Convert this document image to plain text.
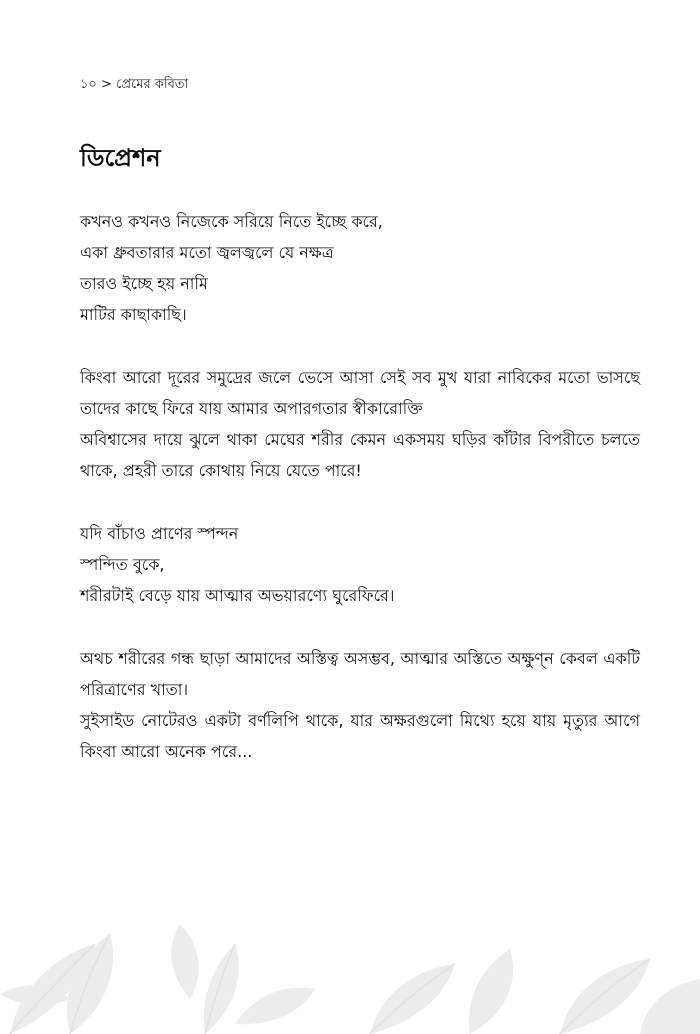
১০ > প্রেমের কবিতা
ডিপ্রেশন
কখনও কখনও নিজেকে সরিয়ে নিতে ইচ্ছে করে,
একা ধ্রুবতারার মতো জ্বলজ্বলে যে নক্ষত্র
তারও ইচ্ছে হয় নামি
মাটির কাছাকাছি।
কিংবা আরো দূরের সমুদ্রের জলে ভেসে আসা সেই সব মুখ যারা নাবিকের মতো ভাসছে তাদের কাছে ফিরে যায় আমার অপারগতার স্বীকারোক্তি
অবিশ্বাসের দায়ে ঝুলে থাকা মেঘের শরীর কেমন একসময় ঘড়ির কাঁটার বিপরীতে চলতে থাকে, প্রহরী তারে কোথায় নিয়ে যেতে পারে!
যদি বাঁচাও প্রাণের স্পন্দন
স্পন্দিত বুকে,
শরীরটাই বেড়ে যায় আত্মার অভয়ারণ্যে ঘুরেফিরে।
অথচ শরীরের গন্ধ ছাড়া আমাদের অস্তিত্ব অসম্ভব, আত্মার অস্তিতে অক্ষুণ্ন কেবল একটি পরিত্রাণের খাতা।
সুইসাইড নোটেরও একটা বর্ণলিপি থাকে, যার অক্ষরগুলো মিথ্যে হয়ে যায় মৃত্যুর আগে কিংবা আরো অনেক পরে...
